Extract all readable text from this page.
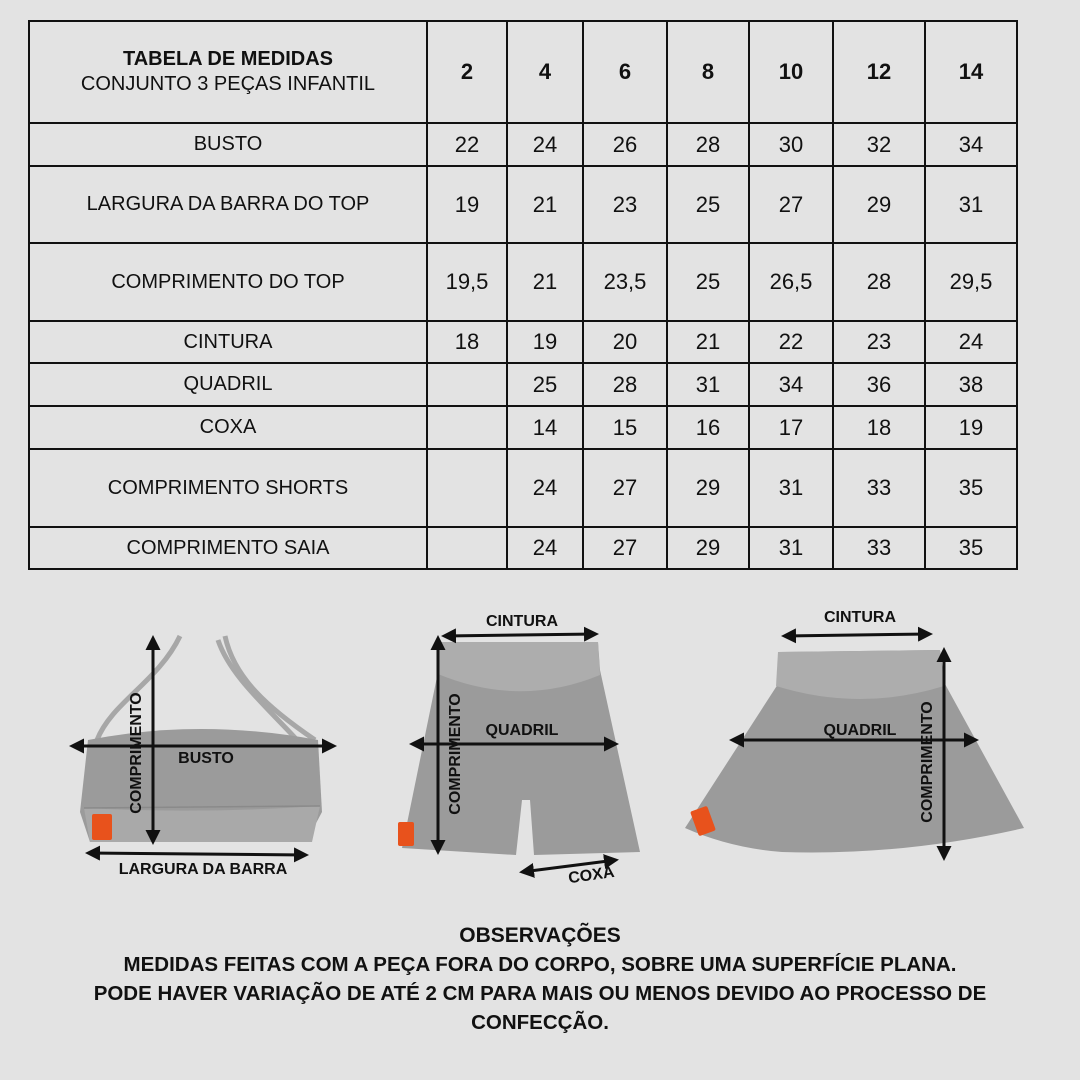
TABELA DE MEDIDAS
CONJUNTO 3 PEÇAS INFANTIL	2	4	6	8	10	12	14
BUSTO	22	24	26	28	30	32	34
LARGURA DA BARRA DO TOP	19	21	23	25	27	29	31
COMPRIMENTO DO TOP	19,5	21	23,5	25	26,5	28	29,5
CINTURA	18	19	20	21	22	23	24
QUADRIL		25	28	31	34	36	38
COXA		14	15	16	17	18	19
COMPRIMENTO SHORTS		24	27	29	31	33	35
COMPRIMENTO SAIA		24	27	29	31	33	35
BUSTO
COMPRIMENTO
LARGURA DA BARRA
CINTURA
QUADRIL
COMPRIMENTO
COXA
CINTURA
QUADRIL COMPRIMENTO
OBSERVAÇÕES
MEDIDAS FEITAS COM A PEÇA FORA DO CORPO, SOBRE UMA SUPERFÍCIE PLANA.
PODE HAVER VARIAÇÃO DE ATÉ 2 CM PARA MAIS OU MENOS DEVIDO AO PROCESSO DE CONFECÇÃO.
